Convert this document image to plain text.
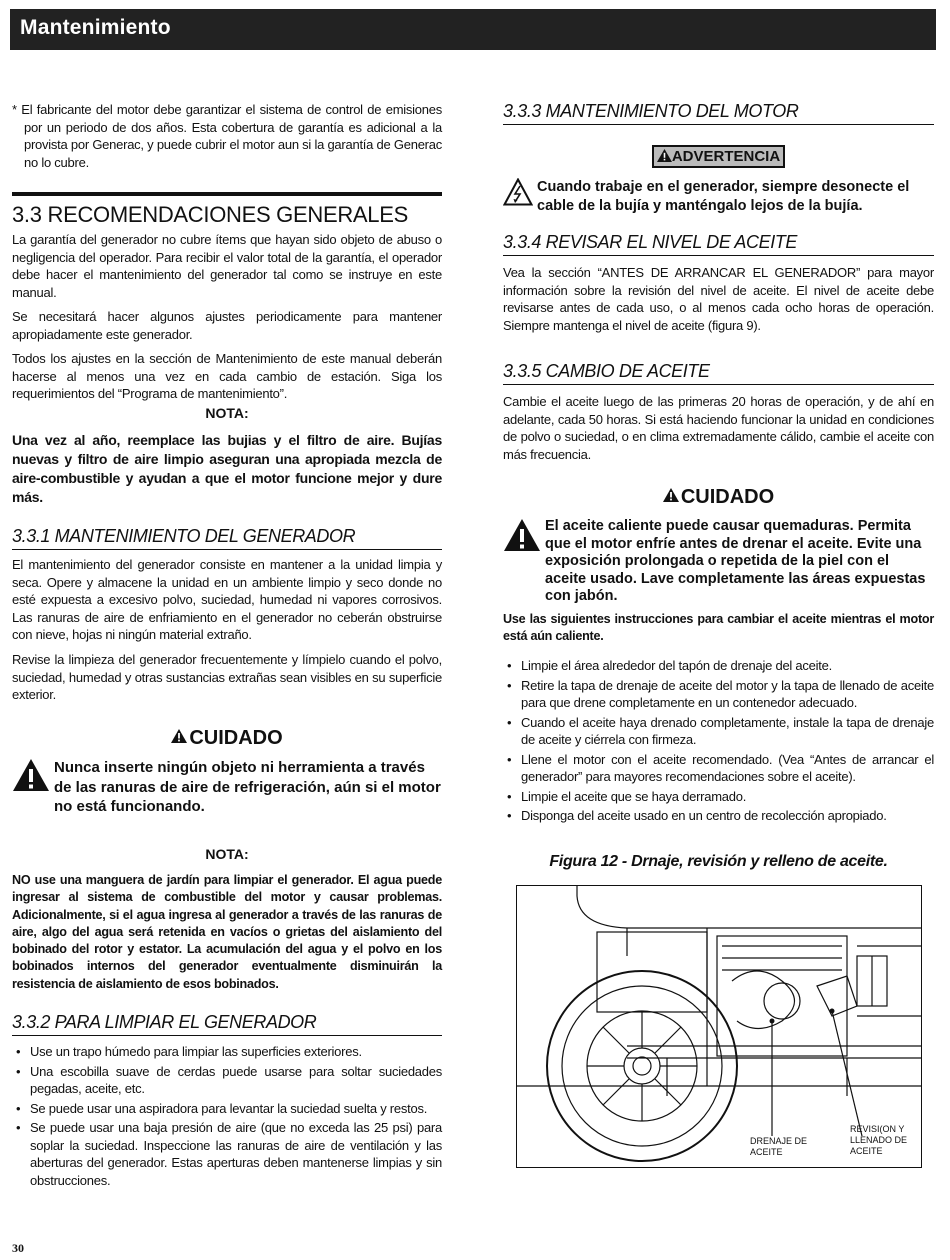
Mantenimiento

* El fabricante del motor debe garantizar el sistema de control de emisiones por un periodo de dos años. Esta cobertura de garantía es adicional a la provista por Generac, y puede cubrir el motor aun si la garantía de Generac no lo cubre.

3.3 RECOMENDACIONES GENERALES

La garantía del generador no cubre ítems que hayan sido objeto de abuso o negligencia del operador. Para recibir el valor total de la garantía, el operador debe hacer el mantenimiento del generador tal como se instruye en este manual.

Se necesitará hacer algunos ajustes periodicamente para mantener apropiadamente este generador.

Todos los ajustes en la sección de Mantenimiento de este manual deberán hacerse al menos una vez en cada cambio de estación. Siga los requerimientos del “Programa de mantenimiento”.

NOTA:

Una vez al año, reemplace las bujias y el filtro de aire. Bujías nuevas y filtro de aire limpio aseguran una apropiada mezcla de aire-combustible y ayudan a que el motor funcione mejor y dure más.

3.3.1 MANTENIMIENTO DEL GENERADOR

El mantenimiento del generador consiste en mantener a la unidad limpia y seca. Opere y almacene la unidad en un ambiente limpio y seco donde no esté expuesta a excesivo polvo, suciedad, humedad ni vapores corrosivos. Las ranuras de aire de enfriamiento en el generador no ceberán obstruirse con nieve, hojas ni ningún material extraño.

Revise la limpieza del generador frecuentemente y límpielo cuando el polvo, suciedad, humedad y otras sustancias extrañas sean visibles en su superficie exterior.

CUIDADO
Nunca inserte ningún objeto ni herramienta a través de las ranuras de aire de refrigeración, aún si el motor no está funcionando.
NOTA:

NO use una manguera de jardín para limpiar el generador. El agua puede ingresar al sistema de combustible del motor y causar problemas. Adicionalmente, si el agua ingresa al generador a través de las ranuras de aire, algo del agua será retenida en vacíos o grietas del aislamiento del bobinado del rotor y estator. La acumulación del agua y el polvo en los bobinados internos del generador eventualmente disminuirán la resistencia de aislamiento de esos bobinados.

3.3.2 PARA LIMPIAR EL GENERADOR
• Use un trapo húmedo para limpiar las superficies exteriores.
• Una escobilla suave de cerdas puede usarse para soltar suciedades pegadas, aceite, etc.
• Se puede usar una aspiradora para levantar la suciedad suelta y restos.
• Se puede usar una baja presión de aire (que no exceda las 25 psi) para soplar la suciedad. Inspeccione las ranuras de aire de ventilación y las aberturas del generador. Estas aperturas deben mantenerse limpias y sin obstrucciones.
3.3.3 MANTENIMIENTO DEL MOTOR
ADVERTENCIA
Cuando trabaje en el generador, siempre desonecte el cable de la bujía y manténgalo lejos de la bujía.
3.3.4 REVISAR EL NIVEL DE ACEITE

Vea la sección “ANTES DE ARRANCAR EL GENERADOR” para mayor información sobre la revisión del nivel de aceite. El nivel de aceite debe revisarse antes de cada uso, o al menos cada ocho horas de operación. Siempre mantenga el nivel de aceite (figura 9).

3.3.5 CAMBIO DE ACEITE

Cambie el aceite luego de las primeras 20 horas de operación, y de ahí en adelante, cada 50 horas. Si está haciendo funcionar la unidad en condiciones de polvo o suciedad, o en clima extremadamente cálido, cambie el aceite con más frecuencia.

CUIDADO
El aceite caliente puede causar quemaduras. Permita que el motor enfríe antes de drenar el aceite. Evite una exposición prolongada o repetida de la piel con el aceite usado. Lave completamente las áreas expuestas con jabón.

Use las siguientes instrucciones para cambiar el aceite mientras el motor está aún caliente.

• Limpie el área alrededor del tapón de drenaje del aceite.
• Retire la tapa de drenaje de aceite del motor y la tapa de llenado de aceite para que drene completamente en un contenedor adecuado.
• Cuando el aceite haya drenado completamente, instale la tapa de drenaje de aceite y ciérrela con firmeza.
• Llene el motor con el aceite recomendado. (Vea “Antes de arrancar el generador” para mayores recomendaciones sobre el aceite).
• Limpie el aceite que se haya derramado.
• Disponga del aceite usado en un centro de recolección apropiado.
Figura 12 - Drnaje, revisión y relleno de aceite.
DRENAJE DE
ACEITE
REVISI(ON Y
LLENADO DE
ACEITE
30
